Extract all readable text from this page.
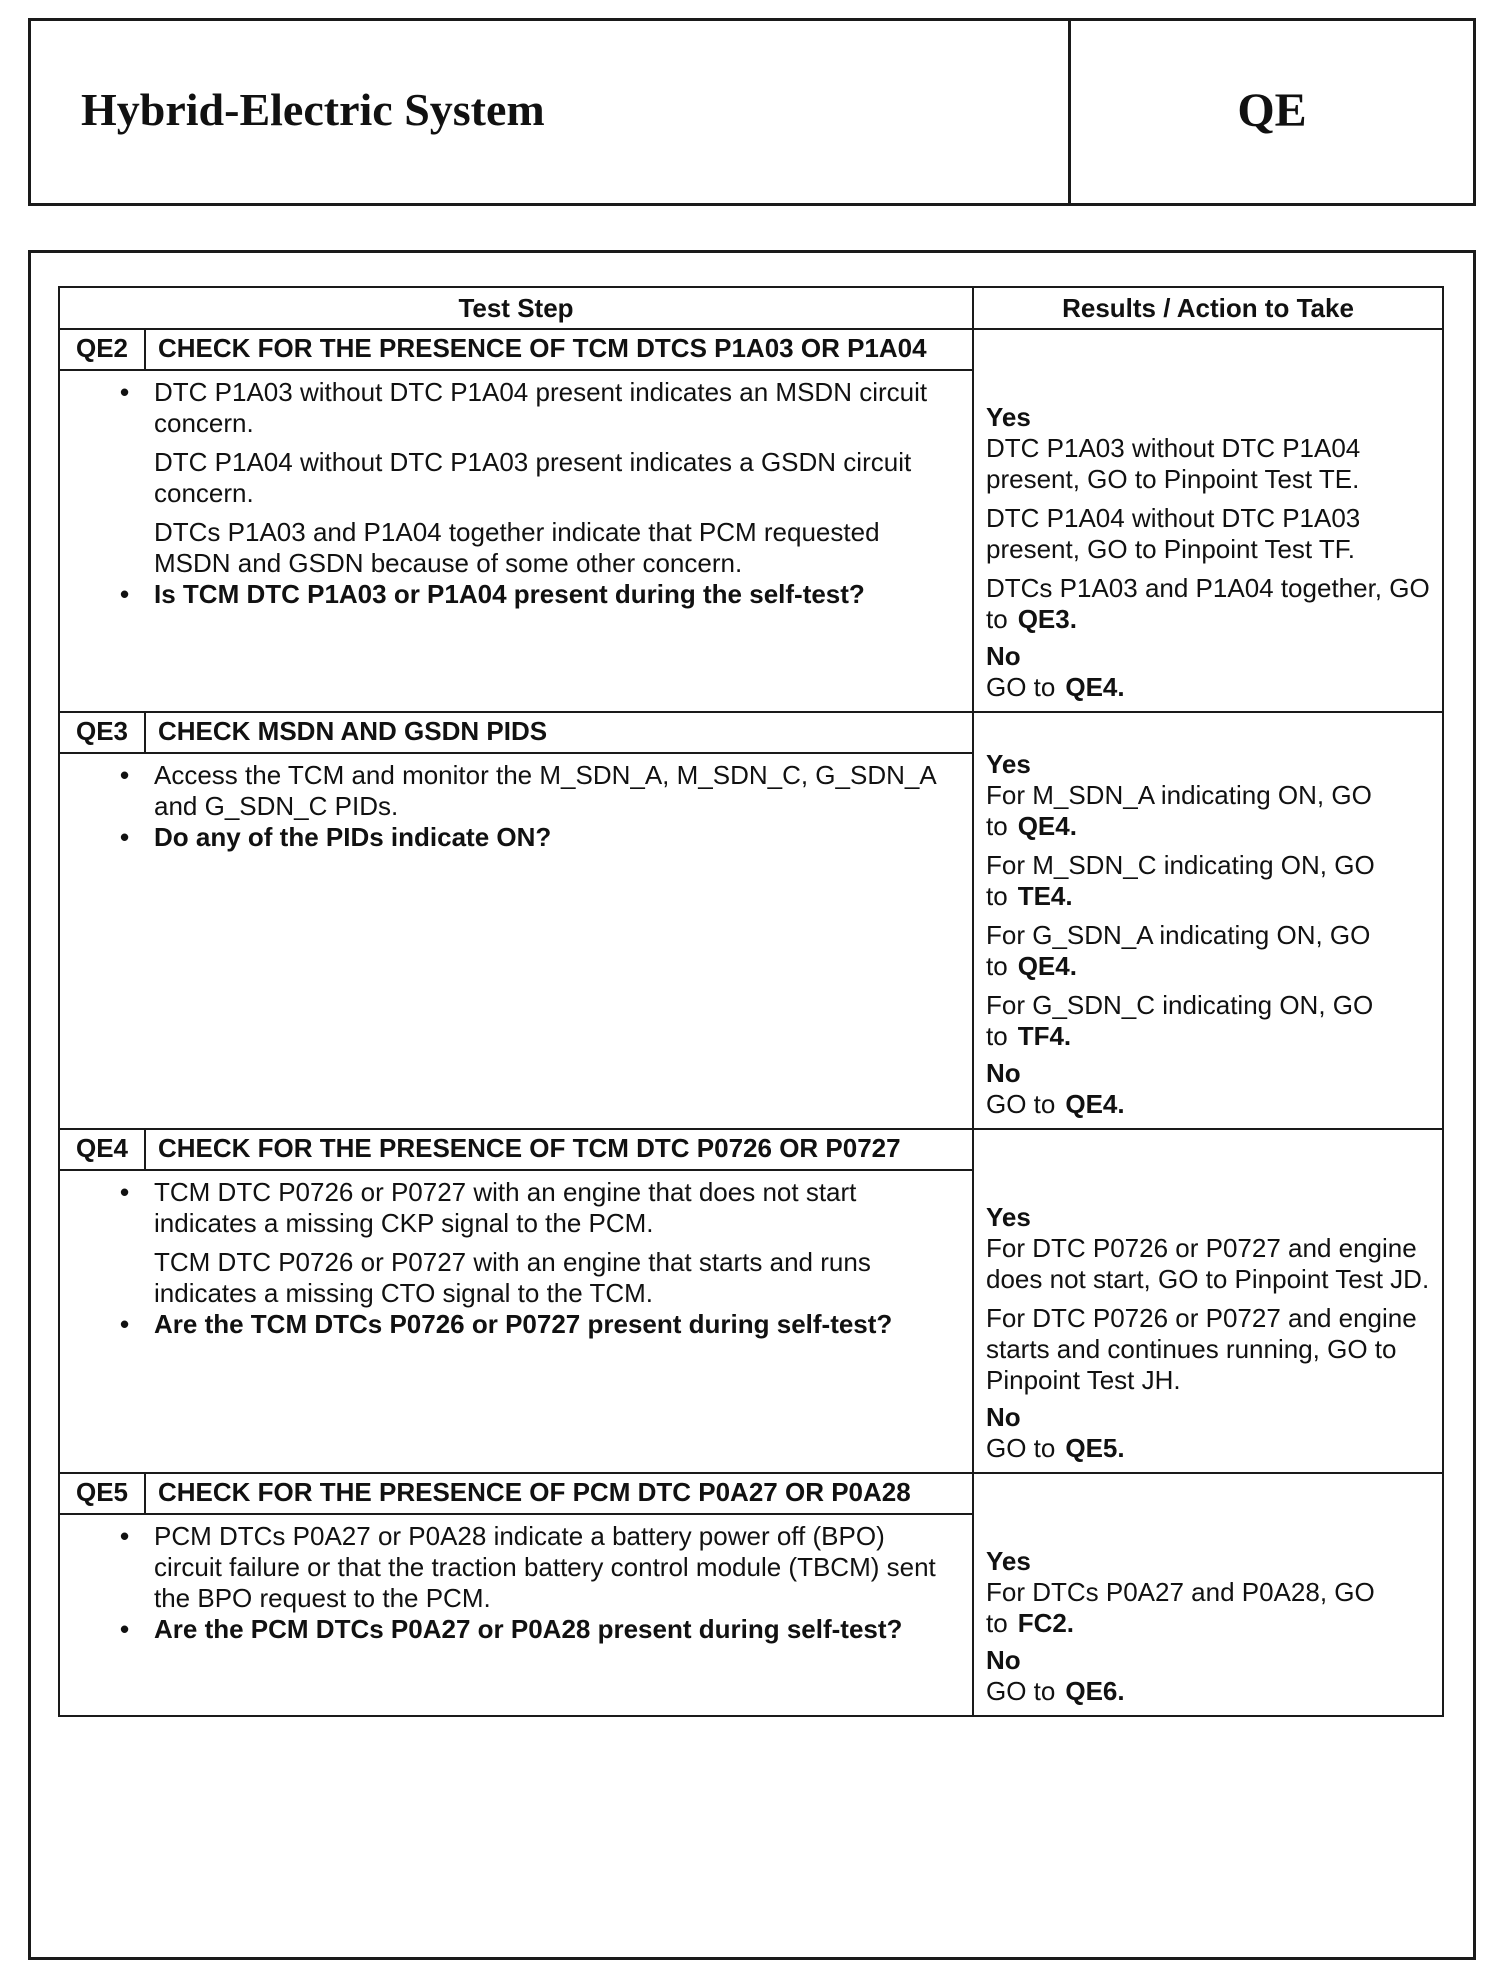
Hybrid-Electric System	QE
Test Step	Results / Action to Take
QE2	CHECK FOR THE PRESENCE OF TCM DTCS P1A03 OR P1A04
• DTC P1A03 without DTC P1A04 present indicates an MSDN circuit concern.
DTC P1A04 without DTC P1A03 present indicates a GSDN circuit concern.
DTCs P1A03 and P1A04 together indicate that PCM requested MSDN and GSDN because of some other concern.
• Is TCM DTC P1A03 or P1A04 present during the self-test?
Yes
DTC P1A03 without DTC P1A04 present, GO to Pinpoint Test TE.
DTC P1A04 without DTC P1A03 present, GO to Pinpoint Test TF.
DTCs P1A03 and P1A04 together, GO to QE3.
No
GO to QE4.
QE3	CHECK MSDN AND GSDN PIDS
• Access the TCM and monitor the M_SDN_A, M_SDN_C, G_SDN_A and G_SDN_C PIDs.
• Do any of the PIDs indicate ON?
Yes
For M_SDN_A indicating ON, GO to QE4.
For M_SDN_C indicating ON, GO to TE4.
For G_SDN_A indicating ON, GO to QE4.
For G_SDN_C indicating ON, GO to TF4.
No
GO to QE4.
QE4	CHECK FOR THE PRESENCE OF TCM DTC P0726 OR P0727
• TCM DTC P0726 or P0727 with an engine that does not start indicates a missing CKP signal to the PCM.
TCM DTC P0726 or P0727 with an engine that starts and runs indicates a missing CTO signal to the TCM.
• Are the TCM DTCs P0726 or P0727 present during self-test?
Yes
For DTC P0726 or P0727 and engine does not start, GO to Pinpoint Test JD.
For DTC P0726 or P0727 and engine starts and continues running, GO to Pinpoint Test JH.
No
GO to QE5.
QE5	CHECK FOR THE PRESENCE OF PCM DTC P0A27 OR P0A28
• PCM DTCs P0A27 or P0A28 indicate a battery power off (BPO) circuit failure or that the traction battery control module (TBCM) sent the BPO request to the PCM.
• Are the PCM DTCs P0A27 or P0A28 present during self-test?
Yes
For DTCs P0A27 and P0A28, GO to FC2.
No
GO to QE6.
